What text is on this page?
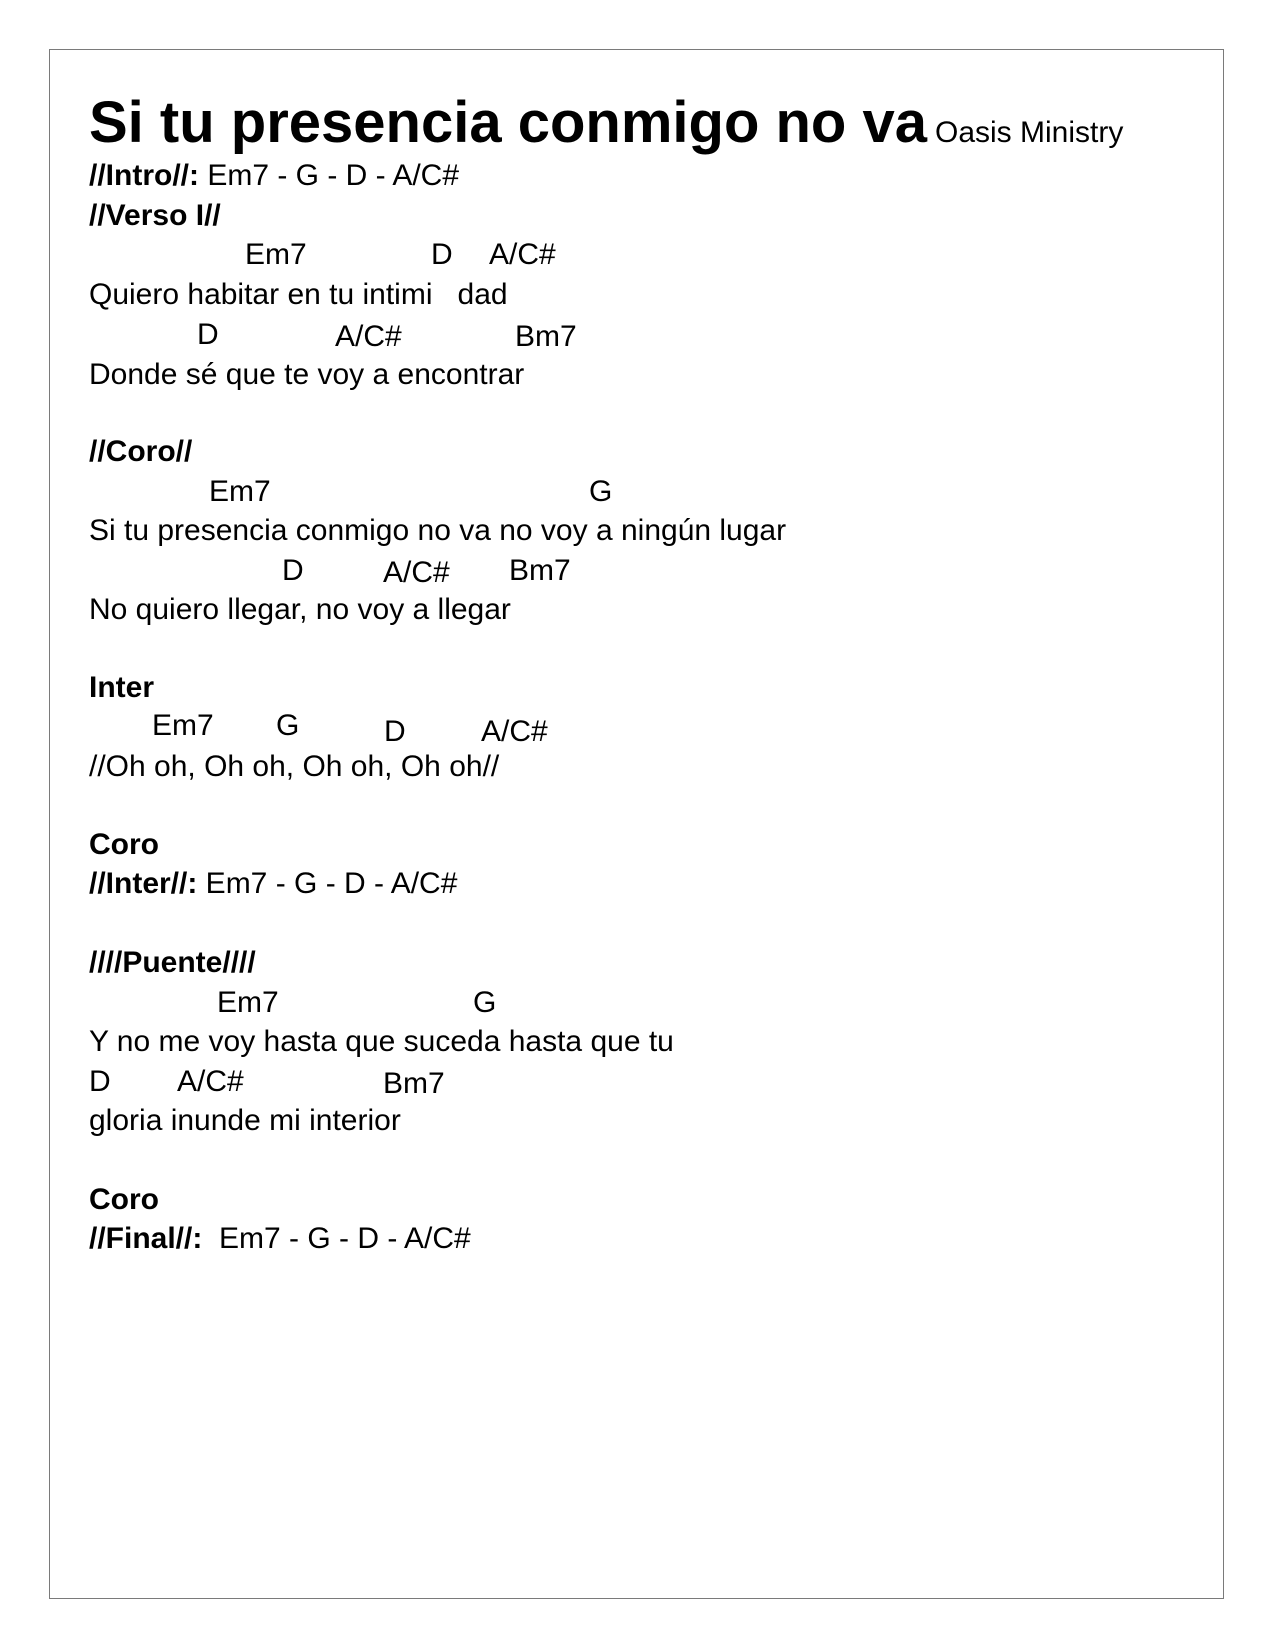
Si tu presencia conmigo no va Oasis Ministry
//Intro//: Em7 - G - D - A/C#
//Verso I//
Em7	D A/C#
Quiero habitar en tu intimi   dad
D	A/C#	Bm7
Donde sé que te voy a encontrar
//Coro//
Em7	G
Si tu presencia conmigo no va no voy a ningún lugar
D	A/C# Bm7
No quiero llegar, no voy a llegar
Inter
Em7 G	D	A/C#
//Oh oh, Oh oh, Oh oh, Oh oh//
Coro
//Inter//: Em7 - G - D - A/C#
////Puente////
Em7	G
Y no me voy hasta que suceda hasta que tu
D A/C#	Bm7
gloria inunde mi interior
Coro
//Final//:  Em7 - G - D - A/C#
